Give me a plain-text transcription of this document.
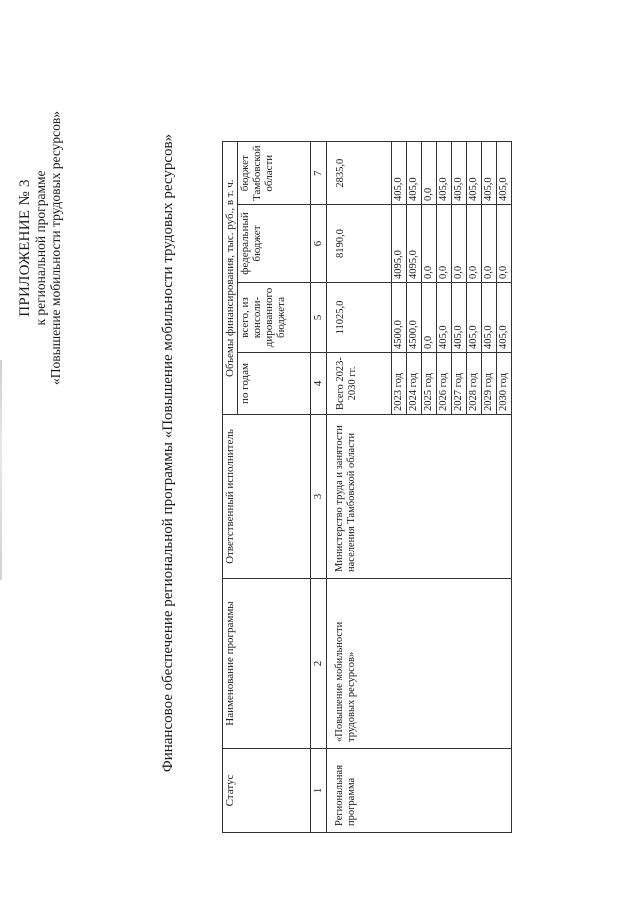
ПРИЛОЖЕНИЕ № 3 к региональной программе «Повышение мобильности трудовых ресурсов»	Финансовое обеспечение региональной программы «Повышение мобильности трудовых ресурсов»
Статус	Наименование программы	Ответственный исполнитель	Объемы финансирования, тыс. руб., в т. ч.			
			по годам	всего, из консоли-дированного бюджета	федеральный бюджет	бюджет Тамбовской области
1	2	3	4	5	6	7
Региональная программа	«Повышение мобильности трудовых ресурсов»	Министерство труда и занятости населения Тамбовской области	Всего 2023-2030 гг.	11025,0	8190,0	2835,0
			2023 год	4500,0	4095,0	405,0
			2024 год	4500,0	4095,0	405,0
			2025 год	0,0	0,0	0,0
			2026 год	405,0	0,0	405,0
			2027 год	405,0	0,0	405,0
			2028 год	405,0	0,0	405,0
			2029 год	405,0	0,0	405,0
			2030 год	405,0	0,0	405,0
